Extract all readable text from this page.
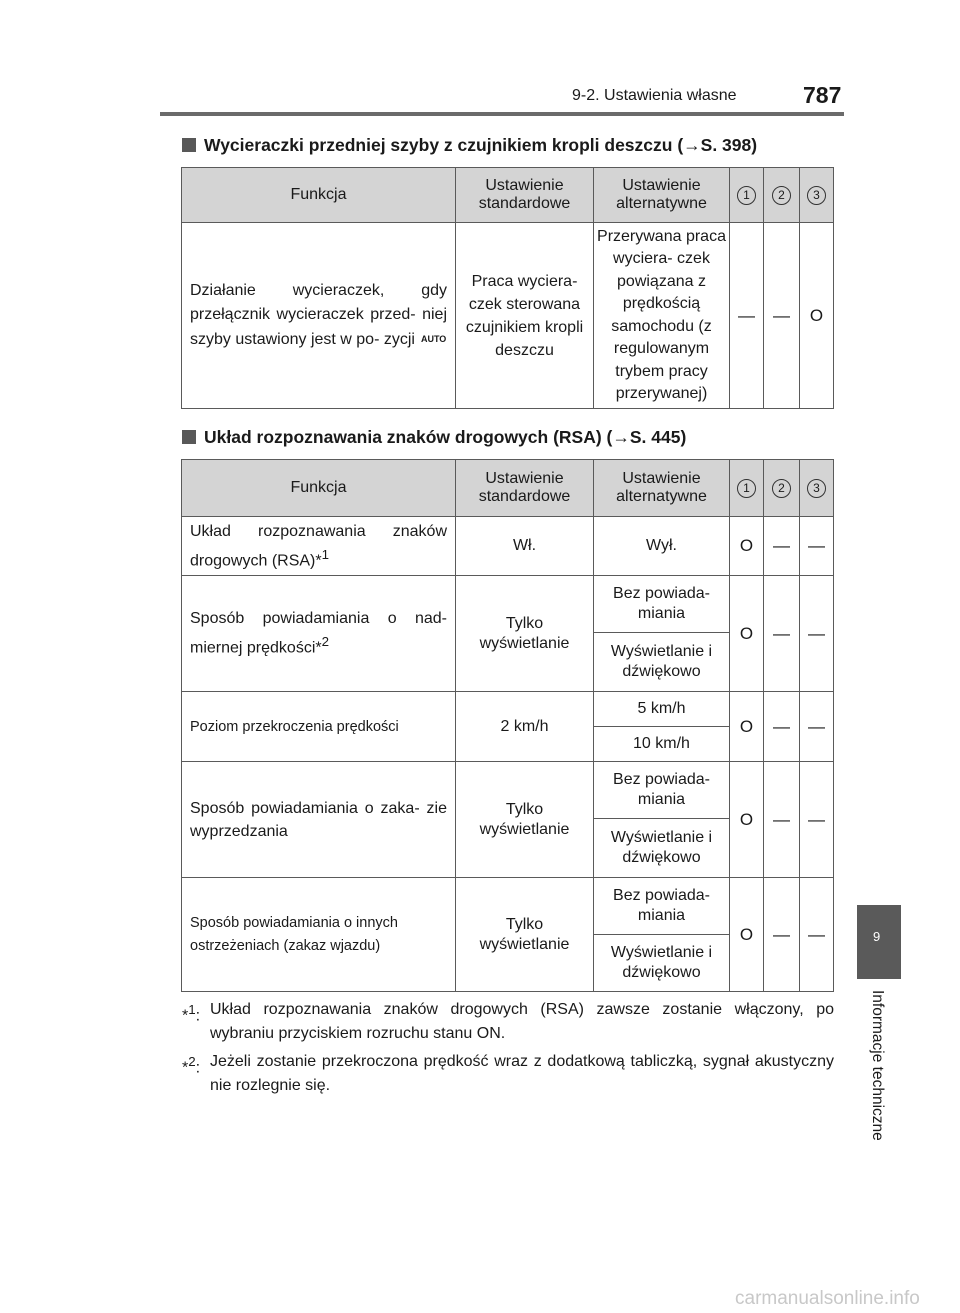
9-2. Ustawienia własne	787
Wycieraczki przedniej szyby z czujnikiem kropli deszczu (→S. 398)
Funkcja	Ustawienie standardowe	Ustawienie alternatywne	1	2	3

Działanie wycieraczek, gdy przełącznik wycieraczek przed- niej szyby ustawiony jest w po- zycji AUTO	Praca wyciera- czek sterowana czujnikiem kropli deszczu	Przerywana praca wyciera- czek powiązana z prędkością samochodu (z regulowanym trybem pracy przerywanej)	—	—	O
Układ rozpoznawania znaków drogowych (RSA) (→S. 445)
Funkcja	Ustawienie standardowe	Ustawienie alternatywne	1	2	3

Układ rozpoznawania znaków drogowych (RSA)*$^1$	Wł.	Wył.	O	—	—

Sposób powiadamiania o nad- miernej prędkości*$^2$	Tylko wyświetlanie	Bez powiada- miania	O	—	—
		Wyświetlanie i dźwiękowo			
Poziom przekroczenia prędkości	2 km/h	5 km/h	O	—	—
		10 km/h			

Sposób powiadamiania o zaka- zie wyprzedzania	Tylko wyświetlanie	Bez powiada- miania	O	—	—
		Wyświetlanie i dźwiękowo			
Sposób powiadamiania o innych ostrzeżeniach (zakaz wjazdu)	Tylko wyświetlanie	Bez powiada- miania	O	—	—
		Wyświetlanie i dźwiękowo			
*$^1$: Układ rozpoznawania znaków drogowych (RSA) zawsze zostanie włączony, po wybraniu przyciskiem rozruchu stanu ON.
*$^2$: Jeżeli zostanie przekroczona prędkość wraz z dodatkową tabliczką, sygnał akustyczny nie rozlegnie się.
9
Informacje techniczne
carmanualsonline.info
